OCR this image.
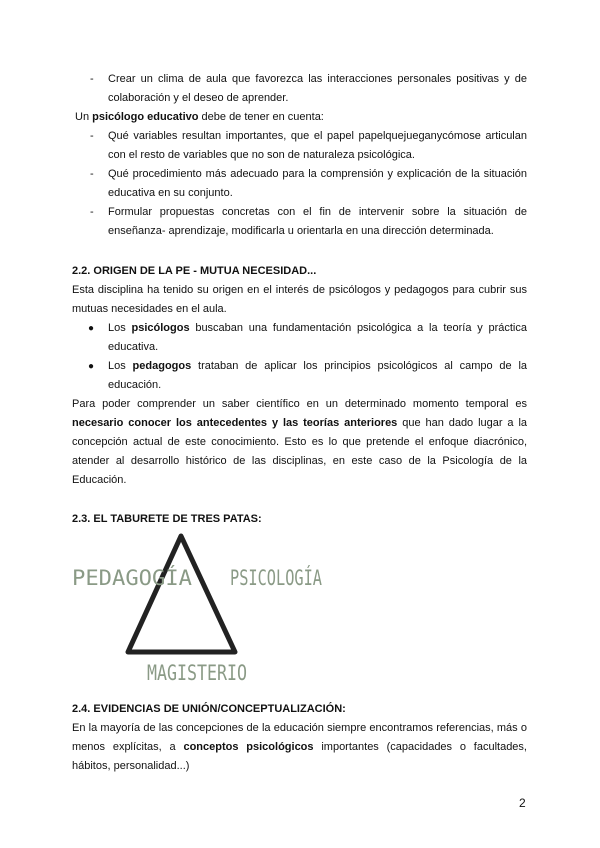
- Crear un clima de aula que favorezca las interacciones personales positivas y de colaboración y el deseo de aprender.
Un psicólogo educativo debe de tener en cuenta:
- Qué variables resultan importantes, que el papel papelquejueganycómose articulan con el resto de variables que no son de naturaleza psicológica.
- Qué procedimiento más adecuado para la comprensión y explicación de la situación educativa en su conjunto.
- Formular propuestas concretas con el fin de intervenir sobre la situación de enseñanza- aprendizaje, modificarla u orientarla en una dirección determinada.
2.2. ORIGEN DE LA PE - MUTUA NECESIDAD...
Esta disciplina ha tenido su origen en el interés de psicólogos y pedagogos para cubrir sus mutuas necesidades en el aula.
● Los psicólogos buscaban una fundamentación psicológica a la teoría y práctica educativa.
● Los pedagogos trataban de aplicar los principios psicológicos al campo de la educación.
Para poder comprender un saber científico en un determinado momento temporal es necesario conocer los antecedentes y las teorías anteriores que han dado lugar a la concepción actual de este conocimiento. Esto es lo que pretende el enfoque diacrónico, atender al desarrollo histórico de las disciplinas, en este caso de la Psicología de la Educación.
2.3. EL TABURETE DE TRES PATAS:
PEDAGOGÍA	PSICOLOGÍA
MAGISTERIO
2.4. EVIDENCIAS DE UNIÓN/CONCEPTUALIZACIÓN:
En la mayoría de las concepciones de la educación siempre encontramos referencias, más o menos explícitas, a conceptos psicológicos importantes (capacidades o facultades, hábitos, personalidad...)
2
